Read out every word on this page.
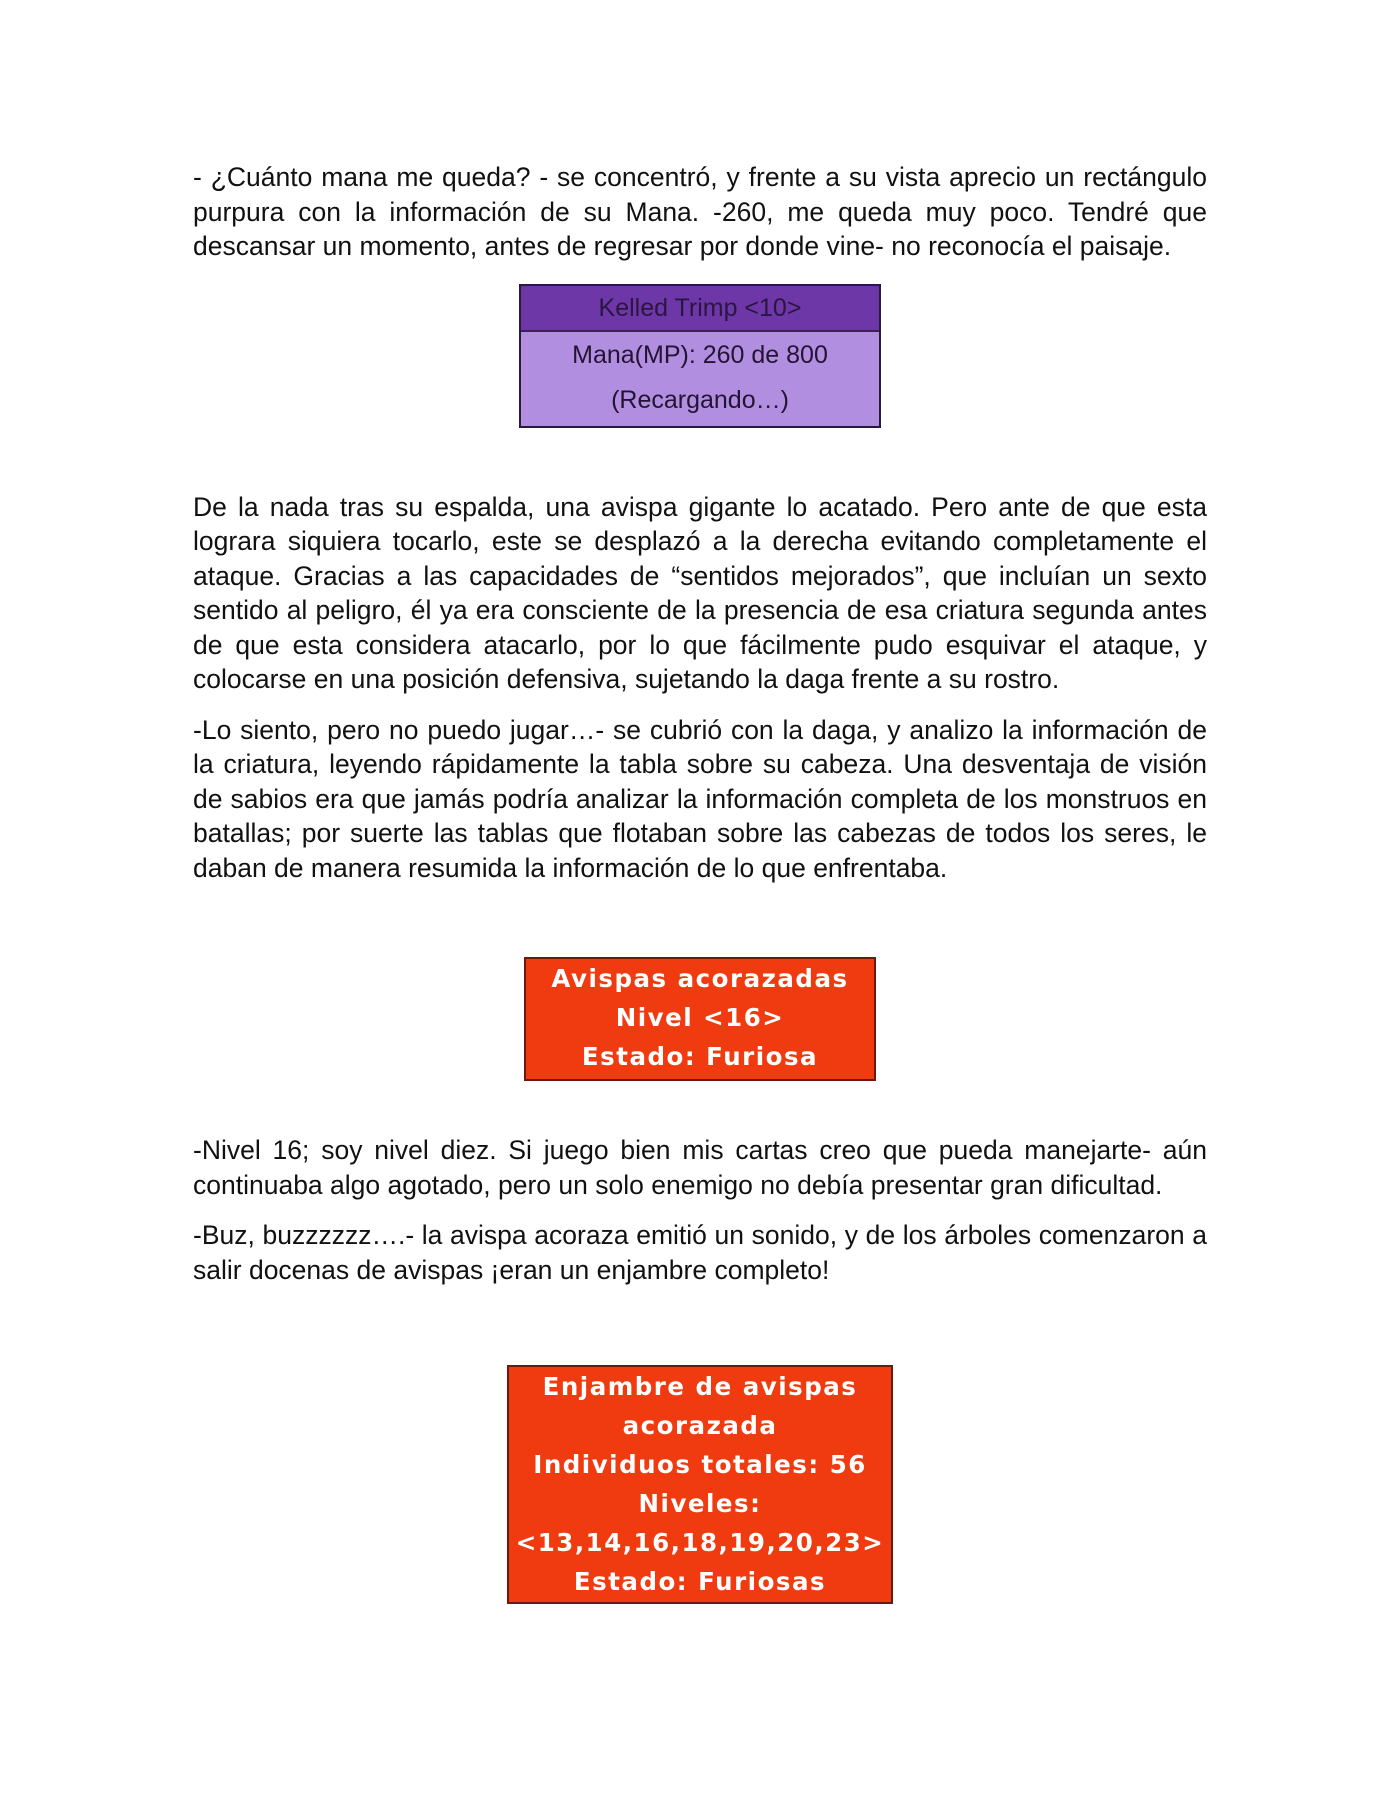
- ¿Cuánto mana me queda? - se concentró, y frente a su vista aprecio un rectángulo purpura con la información de su Mana. -260, me queda muy poco. Tendré que descansar un momento, antes de regresar por donde vine- no reconocía el paisaje.

Kelled Trimp <10>
Mana(MP): 260 de 800
(Recargando…)

De la nada tras su espalda, una avispa gigante lo acatado. Pero ante de que esta lograra siquiera tocarlo, este se desplazó a la derecha evitando completamente el ataque. Gracias a las capacidades de “sentidos mejorados”, que incluían un sexto sentido al peligro, él ya era consciente de la presencia de esa criatura segunda antes de que esta considera atacarlo, por lo que fácilmente pudo esquivar el ataque, y colocarse en una posición defensiva, sujetando la daga frente a su rostro.

-Lo siento, pero no puedo jugar…- se cubrió con la daga, y analizo la información de la criatura, leyendo rápidamente la tabla sobre su cabeza. Una desventaja de visión de sabios era que jamás podría analizar la información completa de los monstruos en batallas; por suerte las tablas que flotaban sobre las cabezas de todos los seres, le daban de manera resumida la información de lo que enfrentaba.

Avispas acorazadas
Nivel <16>
Estado: Furiosa

-Nivel 16; soy nivel diez. Si juego bien mis cartas creo que pueda manejarte- aún continuaba algo agotado, pero un solo enemigo no debía presentar gran dificultad.

-Buz, buzzzzzz….- la avispa acoraza emitió un sonido, y de los árboles comenzaron a salir docenas de avispas ¡eran un enjambre completo!

Enjambre de avispas
acorazada
Individuos totales: 56
Niveles:
<13,14,16,18,19,20,23>
Estado: Furiosas
